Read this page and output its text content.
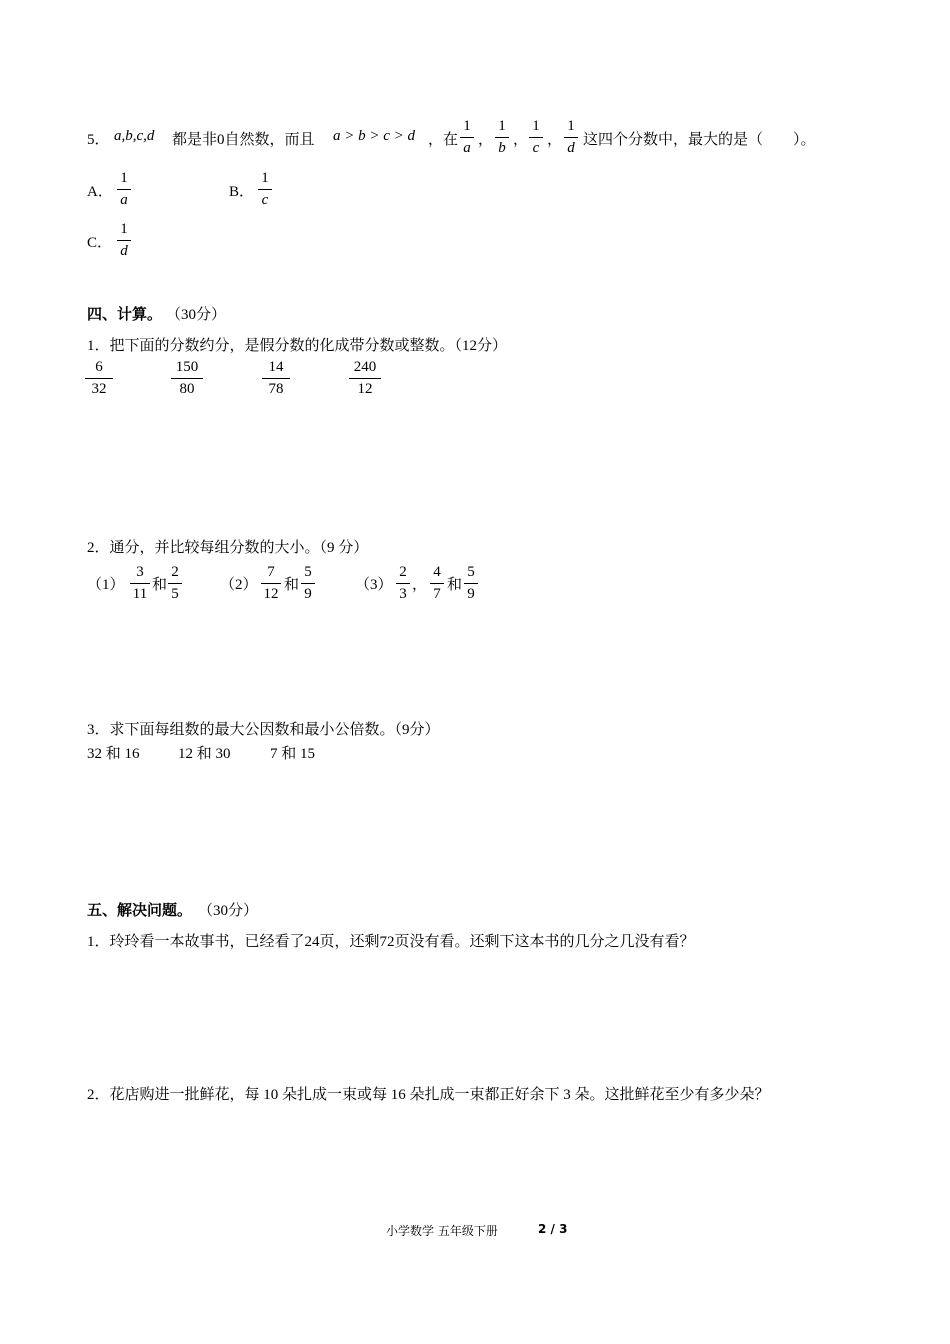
5． a,b,c,d 都是非0自然数，而且 a > b > c > d ，在 $\frac{1}{a}$ ， $\frac{1}{b}$ ， $\frac{1}{c}$ ， $\frac{1}{d}$ 这四个分数中，最大的是（　　）。
A． $\frac{1}{a}$	B． $\frac{1}{c}$
C． $\frac{1}{d}$
四、计算。 （30分）
1．把下面的分数约分，是假分数的化成带分数或整数。（12分）
$\frac{6}{32}$	$\frac{150}{80}$	$\frac{14}{78}$	$\frac{240}{12}$
2．通分，并比较每组分数的大小。（9 分）
$(1) \frac{3}{11}$ 和 $\frac{2}{5}$	$(2) \frac{7}{12}$ 和 $\frac{5}{9}$	$(3) \frac{2}{3}$ ， $\frac{4}{7}$ 和 $\frac{5}{9}$
3．求下面每组数的最大公因数和最小公倍数。（9分）
32 和 16	12 和 30	7 和 15
五、解决问题。 （30分）
1．玲玲看一本故事书，已经看了24页，还剩72页没有看。还剩下这本书的几分之几没有看？
2．花店购进一批鲜花，每 10 朵扎成一束或每 16 朵扎成一束都正好余下 3 朵。这批鲜花至少有多少朵？
小学数学 五年级下册	2 / 3
